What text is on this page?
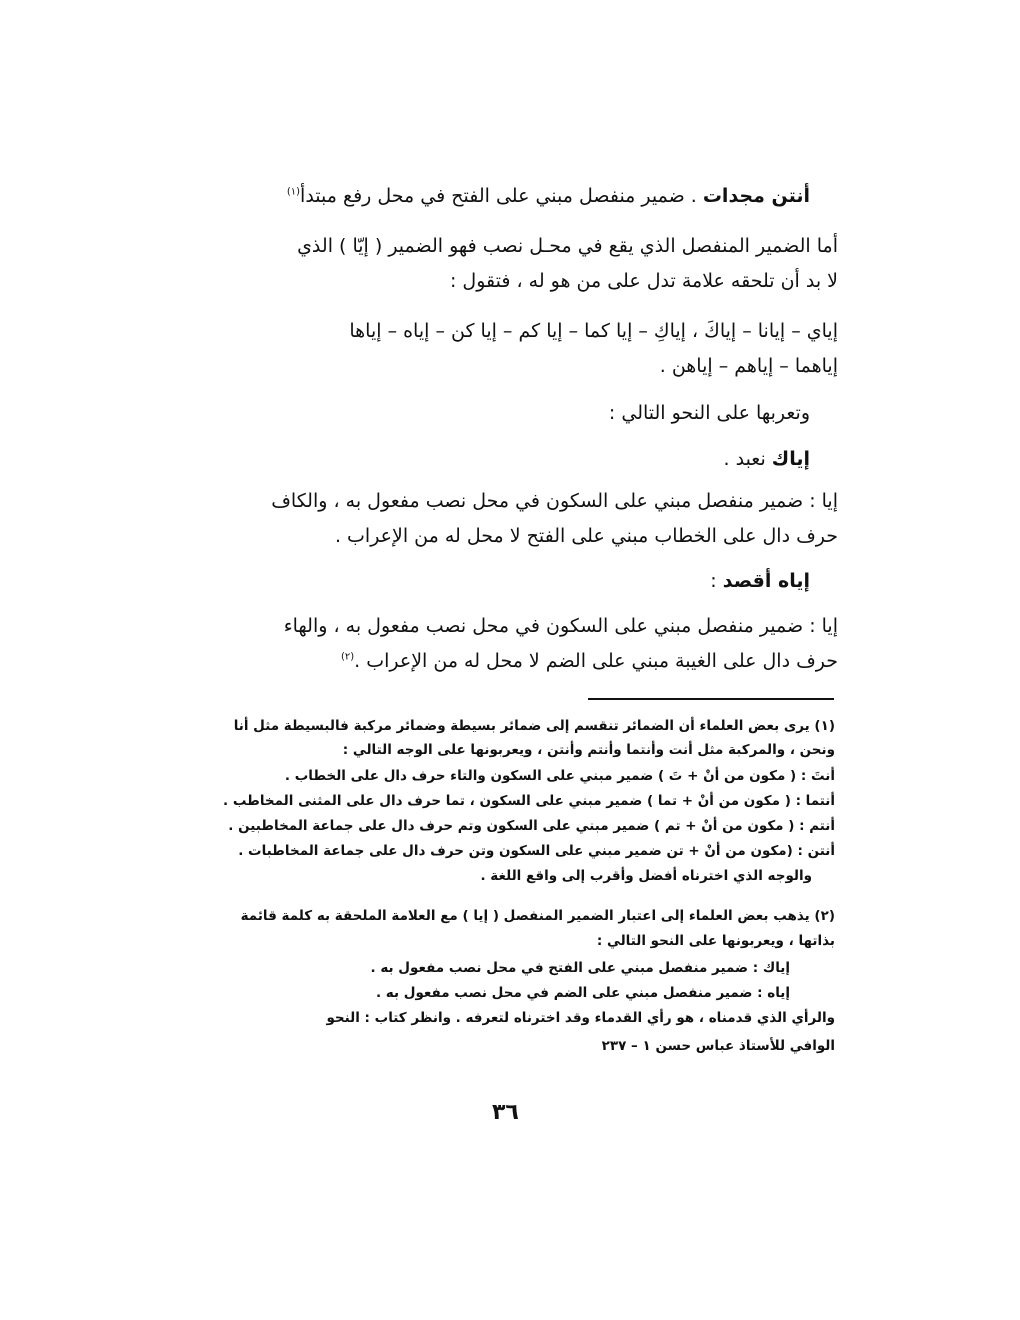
أنتن مجدات . ضمير منفصل مبني على الفتح في محل رفع مبتدأ$^{(١)}$
أما الضمير المنفصل الذي يقع في محـل نصب فهو الضمير ( إيّا ) الذي
لا بد أن تلحقه علامة تدل على من هو له ، فتقول :
إياي – إيانا – إياكَ ، إياكِ – إيا كما – إيا كم – إيا كن – إياه – إياها
إياهما – إياهم – إياهن .
وتعربها على النحو التالي :
إياك نعبد .
إيا : ضمير منفصل مبني على السكون في محل نصب مفعول به ، والكاف
حرف دال على الخطاب مبني على الفتح لا محل له من الإعراب .
إياه أقصد :
إيا : ضمير منفصل مبني على السكون في محل نصب مفعول به ، والهاء
حرف دال على الغيبة مبني على الضم لا محل له من الإعراب .$^{(٢)}$
(١) يرى بعض العلماء أن الضمائر تنقسم إلى ضمائر بسيطة وضمائر مركبة فالبسيطة مثل أنا
ونحن ، والمركبة مثل أنت وأنتما وأنتم وأنتن ، ويعربونها على الوجه التالي :
أنتَ : ( مكون من أنْ + تَ ) ضمير مبني على السكون والتاء حرف دال على الخطاب .
أنتما : ( مكون من أنْ + تما ) ضمير مبني على السكون ، تما حرف دال على المثنى المخاطب .
أنتم : ( مكون من أنْ + تم ) ضمير مبني على السكون وتم حرف دال على جماعة المخاطبين .
أنتن : (مكون من أنْ + تن ضمير مبني على السكون وتن حرف دال على جماعة المخاطبات .
والوجه الذي اخترناه أفضل وأقرب إلى واقع اللغة .
(٢) يذهب بعض العلماء إلى اعتبار الضمير المنفصل ( إيا ) مع العلامة الملحقة به كلمة قائمة
بذاتها ، ويعربونها على النحو التالي :
إياك : ضمير منفصل مبني على الفتح في محل نصب مفعول به .
إياه : ضمير منفصل مبني على الضم في محل نصب مفعول به .
والرأي الذي قدمناه ، هو رأي القدماء وقد اخترناه لتعرفه . وانظر كتاب : النحو
الوافي للأستاذ عباس حسن ١ – ٢٣٧
٣٦
